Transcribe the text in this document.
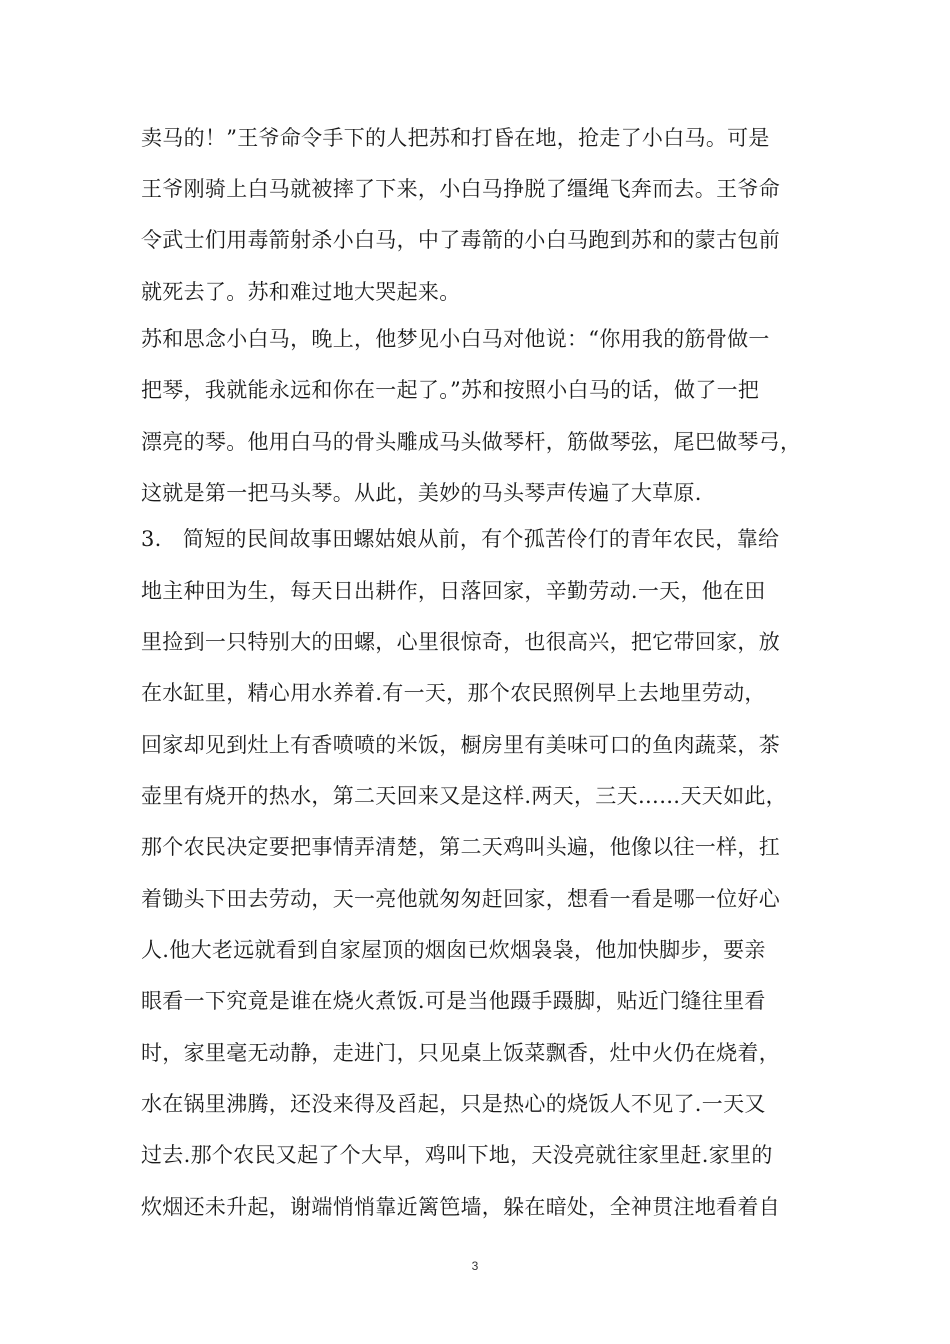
卖马的！”王爷命令手下的人把苏和打昏在地，抢走了小白马。可是
王爷刚骑上白马就被摔了下来，小白马挣脱了缰绳飞奔而去。王爷命
令武士们用毒箭射杀小白马，中了毒箭的小白马跑到苏和的蒙古包前
就死去了。苏和难过地大哭起来。
苏和思念小白马，晚上，他梦见小白马对他说：“你用我的筋骨做一
把琴，我就能永远和你在一起了。”苏和按照小白马的话，做了一把
漂亮的琴。他用白马的骨头雕成马头做琴杆，筋做琴弦，尾巴做琴弓，
这就是第一把马头琴。从此，美妙的马头琴声传遍了大草原.
3.　简短的民间故事田螺姑娘从前，有个孤苦伶仃的青年农民，靠给
地主种田为生，每天日出耕作，日落回家，辛勤劳动.一天，他在田
里捡到一只特别大的田螺，心里很惊奇，也很高兴，把它带回家，放
在水缸里，精心用水养着.有一天，那个农民照例早上去地里劳动，
回家却见到灶上有香喷喷的米饭，橱房里有美味可口的鱼肉蔬菜，茶
壶里有烧开的热水，第二天回来又是这样.两天，三天……天天如此，
那个农民决定要把事情弄清楚，第二天鸡叫头遍，他像以往一样，扛
着锄头下田去劳动，天一亮他就匆匆赶回家，想看一看是哪一位好心
人.他大老远就看到自家屋顶的烟囱已炊烟袅袅，他加快脚步，要亲
眼看一下究竟是谁在烧火煮饭.可是当他蹑手蹑脚，贴近门缝往里看
时，家里毫无动静，走进门，只见桌上饭菜飘香，灶中火仍在烧着，
水在锅里沸腾，还没来得及舀起，只是热心的烧饭人不见了.一天又
过去.那个农民又起了个大早，鸡叫下地，天没亮就往家里赶.家里的
炊烟还未升起，谢端悄悄靠近篱笆墙，躲在暗处，全神贯注地看着自
3
